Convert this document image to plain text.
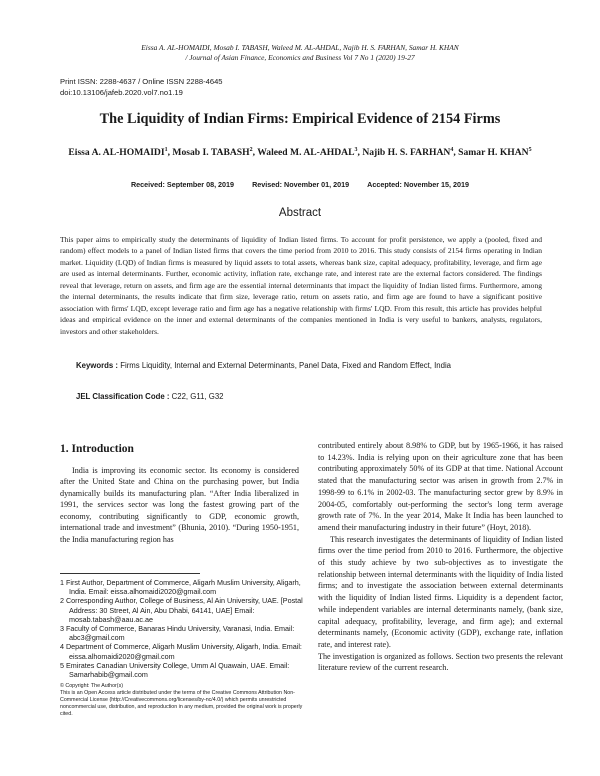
Eissa A. AL-HOMAIDI, Mosab I. TABASH, Waleed M. AL-AHDAL, Najib H. S. FARHAN, Samar H. KHAN
/ Journal of Asian Finance, Economics and Business Vol 7 No 1 (2020) 19-27
Print ISSN: 2288-4637 / Online ISSN 2288-4645
doi:10.13106/jafeb.2020.vol7.no1.19
The Liquidity of Indian Firms: Empirical Evidence of 2154 Firms
Eissa A. AL-HOMAIDI$^1$, Mosab I. TABASH$^2$, Waleed M. AL-AHDAL$^3$, Najib H. S. FARHAN$^4$, Samar H. KHAN$^5$
Received: September 08, 2019	Revised: November 01, 2019	Accepted: November 15, 2019
Abstract
This paper aims to empirically study the determinants of liquidity of Indian listed firms. To account for profit persistence, we apply a (pooled, fixed and random) effect models to a panel of Indian listed firms that covers the time period from 2010 to 2016. This study consists of 2154 firms operating in Indian market. Liquidity (LQD) of Indian firms is measured by liquid assets to total assets, whereas bank size, capital adequacy, profitability, leverage, and firm age are used as internal determinants. Further, economic activity, inflation rate, exchange rate, and interest rate are the external factors considered. The findings reveal that leverage, return on assets, and firm age are the essential internal determinants that impact the liquidity of Indian listed firms. Furthermore, among the internal determinants, the results indicate that firm size, leverage ratio, return on assets ratio, and firm age are found to have a significant positive association with firms' LQD, except leverage ratio and firm age has a negative relationship with firms' LQD. From this result, this article has provides helpful ideas and empirical evidence on the inner and external determinants of the companies mentioned in India is very useful to bankers, analysts, regulators, investors and other stakeholders.
Keywords : Firms Liquidity, Internal and External Determinants, Panel Data, Fixed and Random Effect, India
JEL Classification Code : C22, G11, G32
1. Introduction

India is improving its economic sector. Its economy is considered after the United State and China on the purchasing power, but India dynamically builds its manufacturing plan. “After India liberalized in 1991, the services sector was long the fastest growing part of the economy, contributing significantly to GDP, economic growth, international trade and investment” (Bhunia, 2010). “During 1950-1951, the India manufacturing region has

contributed entirely about 8.98% to GDP, but by 1965-1966, it has raised to 14.23%. India is relying upon on their agriculture zone that has been contributing approximately 50% of its GDP at that time. National Account stated that the manufacturing sector was arisen in growth from 2.7% in 1998-99 to 6.1% in 2002-03. The manufacturing sector grew by 8.9% in 2004-05, comfortably out-performing the sector's long term average growth rate of 7%. In the year 2014, Make It India has been launched to amend their manufacturing industry in their future” (Hoyt, 2018).

This research investigates the determinants of liquidity of Indian listed firms over the time period from 2010 to 2016. Furthermore, the objective of this study achieve by two sub-objectives as to investigate the relationship between internal determinants with the liquidity of India listed firms; and to investigate the association between external determinants with the liquidity of Indian listed firms. Liquidity is a dependent factor, while independent variables are internal determinants namely, (bank size, capital adequacy, profitability, leverage, and firm age); and external determinants namely, (Economic activity (GDP), exchange rate, inflation rate, and interest rate).

The investigation is organized as follows. Section two presents the relevant literature review of the current research.

1 First Author, Department of Commerce, Aligarh Muslim University, Aligarh, India. Email: eissa.alhomaidi2020@gmail.com
2 Corresponding Author, College of Business, Al Ain University, UAE. [Postal Address: 30 Street, Al Ain, Abu Dhabi, 64141, UAE] Email: mosab.tabash@aau.ac.ae
3 Faculty of Commerce, Banaras Hindu University, Varanasi, India. Email: abc3@gmail.com
4 Department of Commerce, Aligarh Muslim University, Aligarh, India. Email: eissa.alhomaidi2020@gmail.com
5 Emirates Canadian University College, Umm Al Quawain, UAE. Email: Samarhabib@gmail.com
© Copyright: The Author(s)
This is an Open Access article distributed under the terms of the Creative Commons Attribution Non-Commercial License (http://Creativecommons.org/licenses/by-nc/4.0/) which permits unrestricted noncommercial use, distribution, and reproduction in any medium, provided the original work is properly cited.
